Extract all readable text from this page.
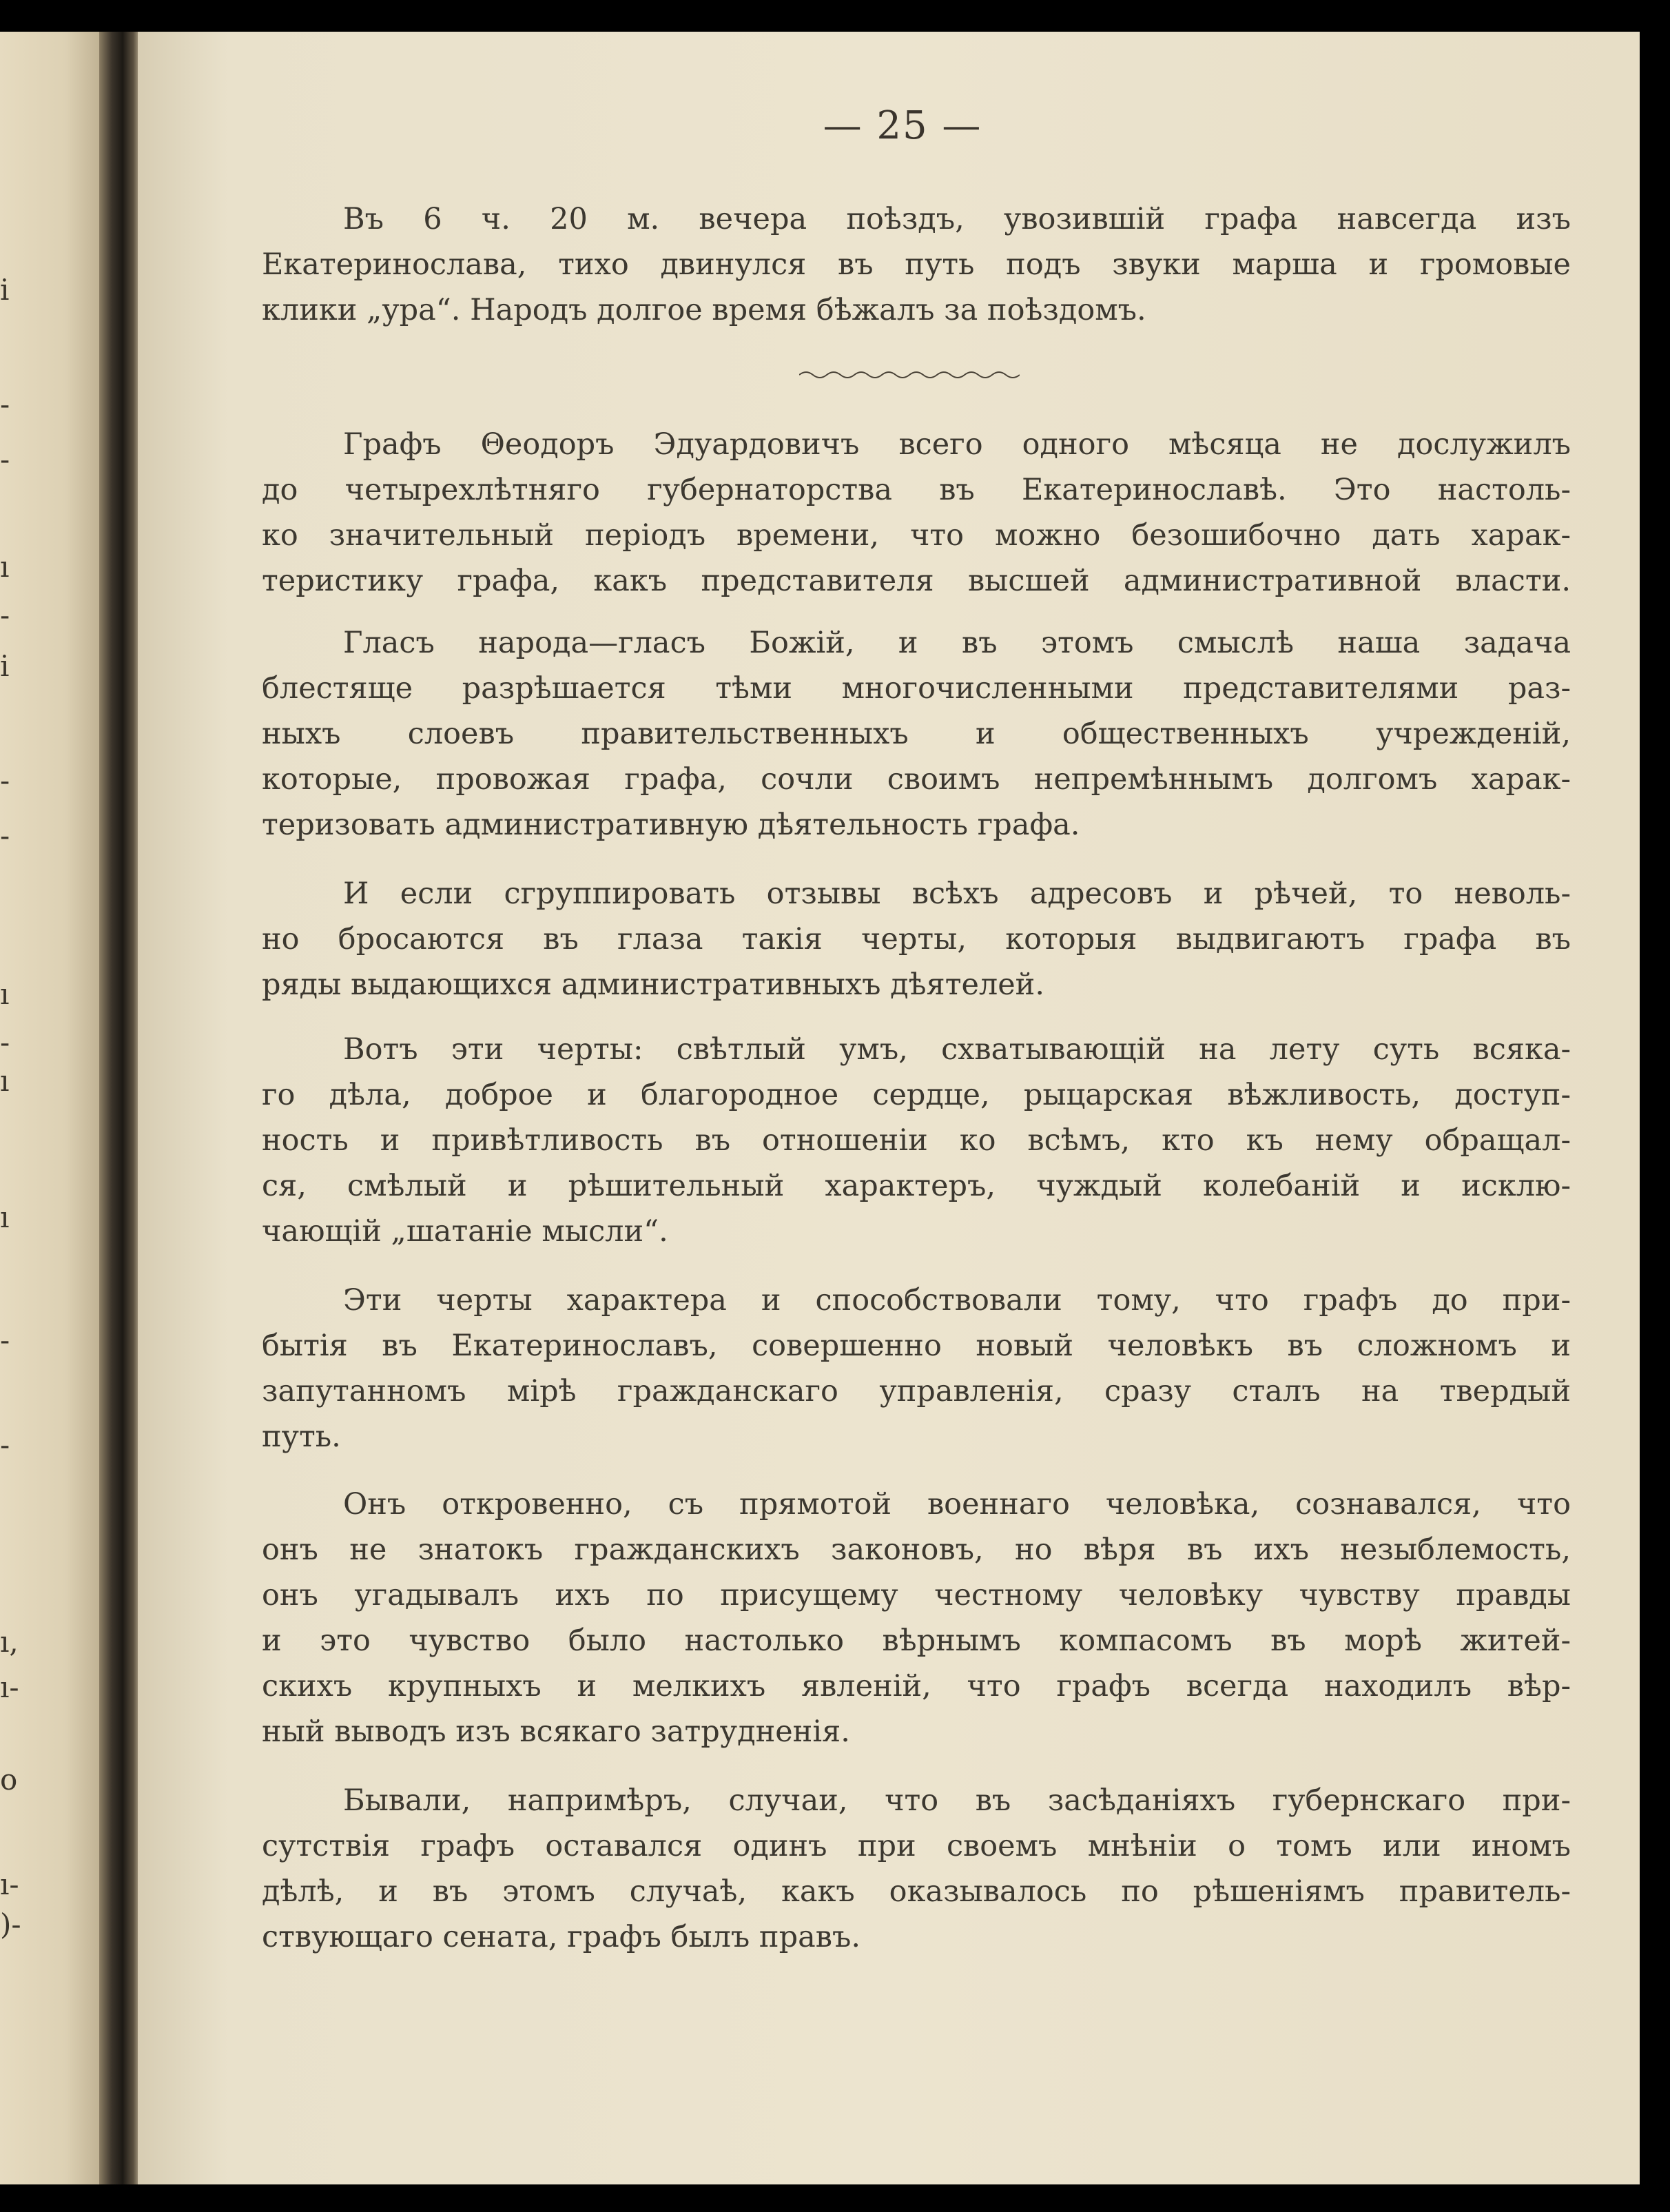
i
-
-
ı
-
i
-
-
ı
-
ı
ı
-
-
ı,
ı-
o
ı-
)-
— 25 —
Въ 6 ч. 20 м. вечера поѣздъ, увозившій графа навсегда изъ
Екатеринослава, тихо двинулся въ путь подъ звуки марша и громовые
клики „ура“. Народъ долгое время бѣжалъ за поѣздомъ.
Графъ Θеодоръ Эдуардовичъ всего одного мѣсяца не дослужилъ
до четырехлѣтняго губернаторства въ Екатеринославѣ. Это настоль-
ко значительный періодъ времени, что можно безошибочно дать харак-
теристику графа, какъ представителя высшей административной власти.
Гласъ народа—гласъ Божій, и въ этомъ смыслѣ наша задача
блестяще разрѣшается тѣми многочисленными представителями раз-
ныхъ слоевъ правительственныхъ и общественныхъ учрежденій,
которые, провожая графа, сочли своимъ непремѣннымъ долгомъ харак-
теризовать административную дѣятельность графа.
И если сгруппировать отзывы всѣхъ адресовъ и рѣчей, то неволь-
но бросаются въ глаза такія черты, которыя выдвигаютъ графа въ
ряды выдающихся административныхъ дѣятелей.
Вотъ эти черты: свѣтлый умъ, схватывающій на лету суть всяка-
го дѣла, доброе и благородное сердце, рыцарская вѣжливость, доступ-
ность и привѣтливость въ отношеніи ко всѣмъ, кто къ нему обращал-
ся, смѣлый и рѣшительный характеръ, чуждый колебаній и исклю-
чающій „шатаніе мысли“.
Эти черты характера и способствовали тому, что графъ до при-
бытія въ Екатеринославъ, совершенно новый человѣкъ въ сложномъ и
запутанномъ мірѣ гражданскаго управленія, сразу сталъ на твердый
путь.
Онъ откровенно, съ прямотой военнаго человѣка, сознавался, что
онъ не знатокъ гражданскихъ законовъ, но вѣря въ ихъ незыблемость,
онъ угадывалъ ихъ по присущему честному человѣку чувству правды
и это чувство было настолько вѣрнымъ компасомъ въ морѣ житей-
скихъ крупныхъ и мелкихъ явленій, что графъ всегда находилъ вѣр-
ный выводъ изъ всякаго затрудненія.
Бывали, напримѣръ, случаи, что въ засѣданіяхъ губернскаго при-
сутствія графъ оставался одинъ при своемъ мнѣніи о томъ или иномъ
дѣлѣ, и въ этомъ случаѣ, какъ оказывалось по рѣшеніямъ правитель-
ствующаго сената, графъ былъ правъ.
